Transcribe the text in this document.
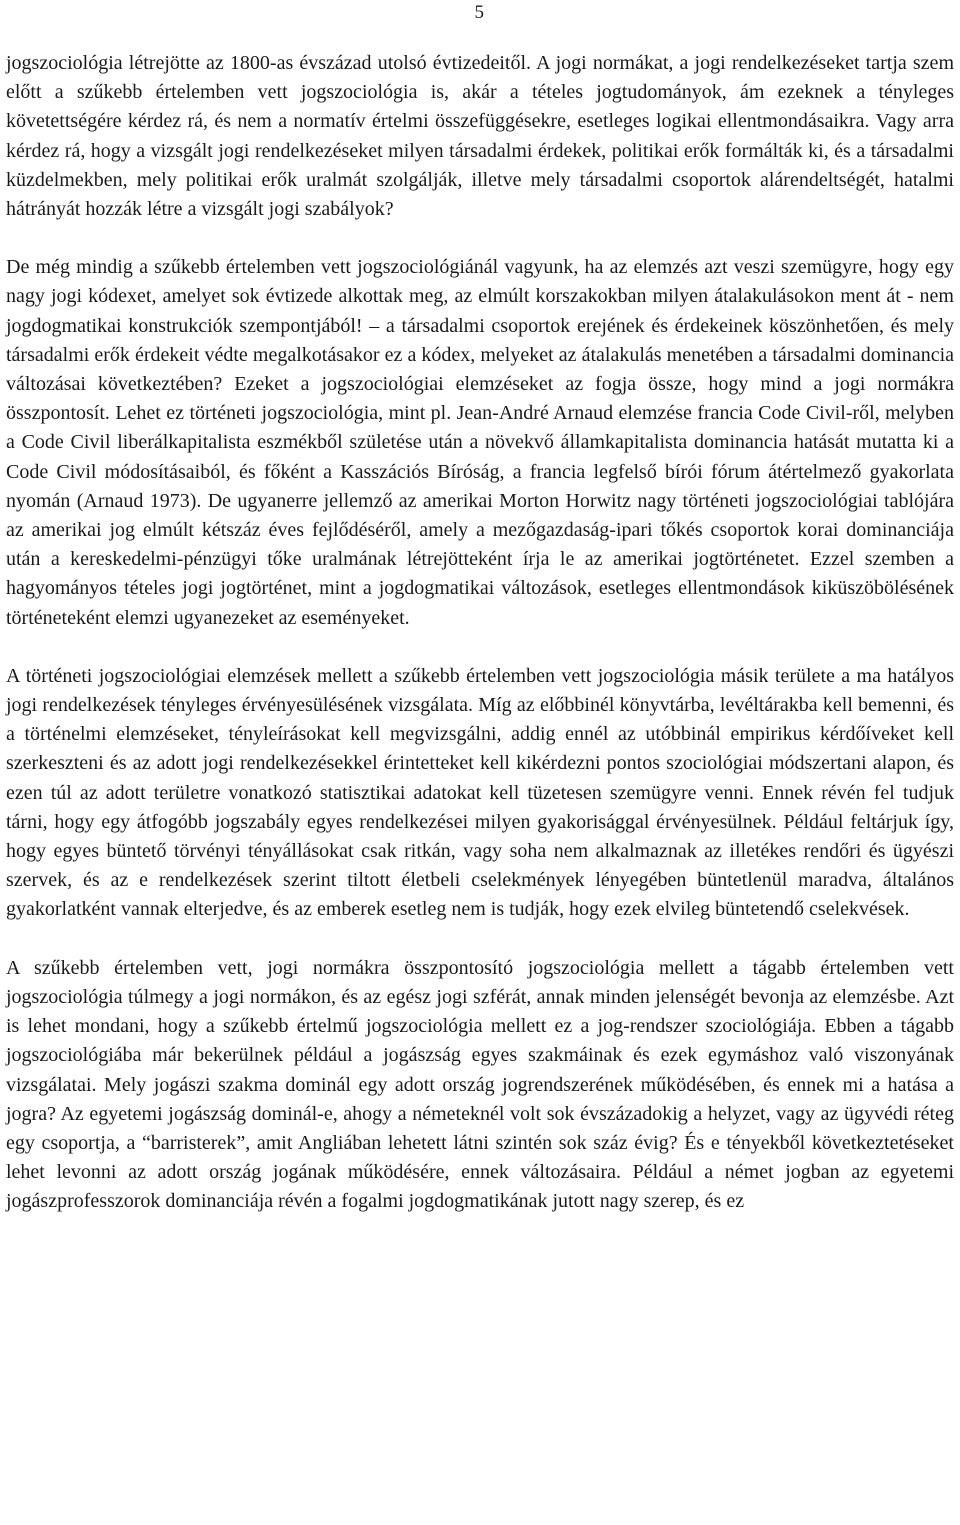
5

jogszociológia létrejötte az 1800-as évszázad utolsó évtizedeitől. A jogi normákat, a jogi rendelkezéseket tartja szem előtt a szűkebb értelemben vett jogszociológia is, akár a tételes jogtudományok, ám ezeknek a tényleges követettségére kérdez rá, és nem a normatív értelmi összefüggésekre, esetleges logikai ellentmondásaikra. Vagy arra kérdez rá, hogy a vizsgált jogi rendelkezéseket milyen társadalmi érdekek, politikai erők formálták ki, és a társadalmi küzdelmekben, mely politikai erők uralmát szolgálják, illetve mely társadalmi csoportok alárendeltségét, hatalmi hátrányát hozzák létre a vizsgált jogi szabályok?

De még mindig a szűkebb értelemben vett jogszociológiánál vagyunk, ha az elemzés azt veszi szemügyre, hogy egy nagy jogi kódexet, amelyet sok évtizede alkottak meg, az elmúlt korszakokban milyen átalakulásokon ment át - nem jogdogmatikai konstrukciók szempontjából! – a társadalmi csoportok erejének és érdekeinek köszönhetően, és mely társadalmi erők érdekeit védte megalkotásakor ez a kódex, melyeket az átalakulás menetében a társadalmi dominancia változásai következtében? Ezeket a jogszociológiai elemzéseket az fogja össze, hogy mind a jogi normákra összpontosít. Lehet ez történeti jogszociológia, mint pl. Jean-André Arnaud elemzése francia Code Civil-ről, melyben a Code Civil liberálkapitalista eszmékből születése után a növekvő államkapitalista dominancia hatását mutatta ki a Code Civil módosításaiból, és főként a Kasszációs Bíróság, a francia legfelső bírói fórum átértelmező gyakorlata nyomán (Arnaud 1973). De ugyanerre jellemző az amerikai Morton Horwitz nagy történeti jogszociológiai tablójára az amerikai jog elmúlt kétszáz éves fejlődéséről, amely a mezőgazdaság-ipari tőkés csoportok korai dominanciája után a kereskedelmi-pénzügyi tőke uralmának létrejötteként írja le az amerikai jogtörténetet. Ezzel szemben a hagyományos tételes jogi jogtörténet, mint a jogdogmatikai változások, esetleges ellentmondások kiküszöbölésének történeteként elemzi ugyanezeket az eseményeket.

A történeti jogszociológiai elemzések mellett a szűkebb értelemben vett jogszociológia másik területe a ma hatályos jogi rendelkezések tényleges érvényesülésének vizsgálata. Míg az előbbinél könyvtárba, levéltárakba kell bemenni, és a történelmi elemzéseket, tényleírásokat kell megvizsgálni, addig ennél az utóbbinál empirikus kérdőíveket kell szerkeszteni és az adott jogi rendelkezésekkel érintetteket kell kikérdezni pontos szociológiai módszertani alapon, és ezen túl az adott területre vonatkozó statisztikai adatokat kell tüzetesen szemügyre venni. Ennek révén fel tudjuk tárni, hogy egy átfogóbb jogszabály egyes rendelkezései milyen gyakorisággal érvényesülnek. Például feltárjuk így, hogy egyes büntető törvényi tényállásokat csak ritkán, vagy soha nem alkalmaznak az illetékes rendőri és ügyészi szervek, és az e rendelkezések szerint tiltott életbeli cselekmények lényegében büntetlenül maradva, általános gyakorlatként vannak elterjedve, és az emberek esetleg nem is tudják, hogy ezek elvileg büntetendő cselekvések.

A szűkebb értelemben vett, jogi normákra összpontosító jogszociológia mellett a tágabb értelemben vett jogszociológia túlmegy a jogi normákon, és az egész jogi szférát, annak minden jelenségét bevonja az elemzésbe. Azt is lehet mondani, hogy a szűkebb értelmű jogszociológia mellett ez a jog-rendszer szociológiája. Ebben a tágabb jogszociológiába már bekerülnek például a jogászság egyes szakmáinak és ezek egymáshoz való viszonyának vizsgálatai. Mely jogászi szakma dominál egy adott ország jogrendszerének működésében, és ennek mi a hatása a jogra? Az egyetemi jogászság dominál-e, ahogy a németeknél volt sok évszázadokig a helyzet, vagy az ügyvédi réteg egy csoportja, a “barristerek”, amit Angliában lehetett látni szintén sok száz évig? És e tényekből következtetéseket lehet levonni az adott ország jogának működésére, ennek változásaira. Például a német jogban az egyetemi jogászprofesszorok dominanciája révén a fogalmi jogdogmatikának jutott nagy szerep, és ez
